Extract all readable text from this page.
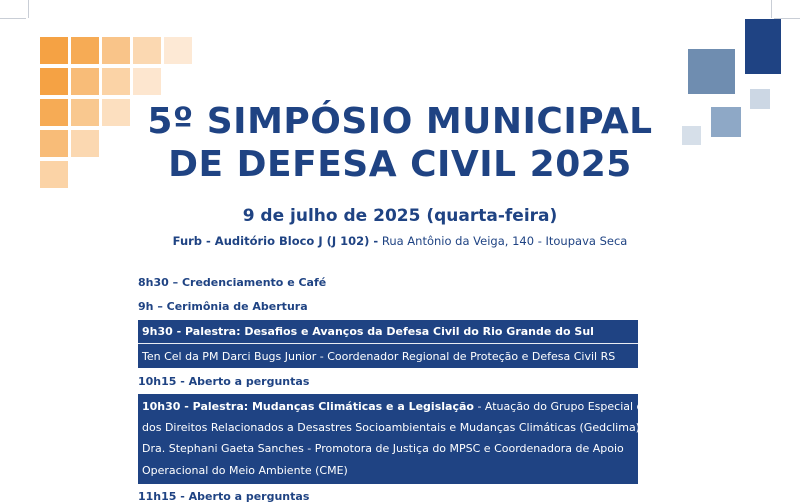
5º SIMPÓSIO MUNICIPAL
DE DEFESA CIVIL 2025
9 de julho de 2025 (quarta-feira)
Furb - Auditório Bloco J (J 102) - Rua Antônio da Veiga, 140 - Itoupava Seca
8h30 – Credenciamento e Café
9h – Cerimônia de Abertura
9h30 - Palestra: Desafios e Avanços da Defesa Civil do Rio Grande do Sul
Ten Cel da PM Darci Bugs Junior - Coordenador Regional de Proteção e Defesa Civil RS
10h15 - Aberto a perguntas
10h30 - Palestra: Mudanças Climáticas e a Legislação - Atuação do Grupo Especial de Defesa
dos Direitos Relacionados a Desastres Socioambientais e Mudanças Climáticas (Gedclima)
Dra. Stephani Gaeta Sanches - Promotora de Justiça do MPSC e Coordenadora de Apoio
Operacional do Meio Ambiente (CME)
11h15 - Aberto a perguntas
